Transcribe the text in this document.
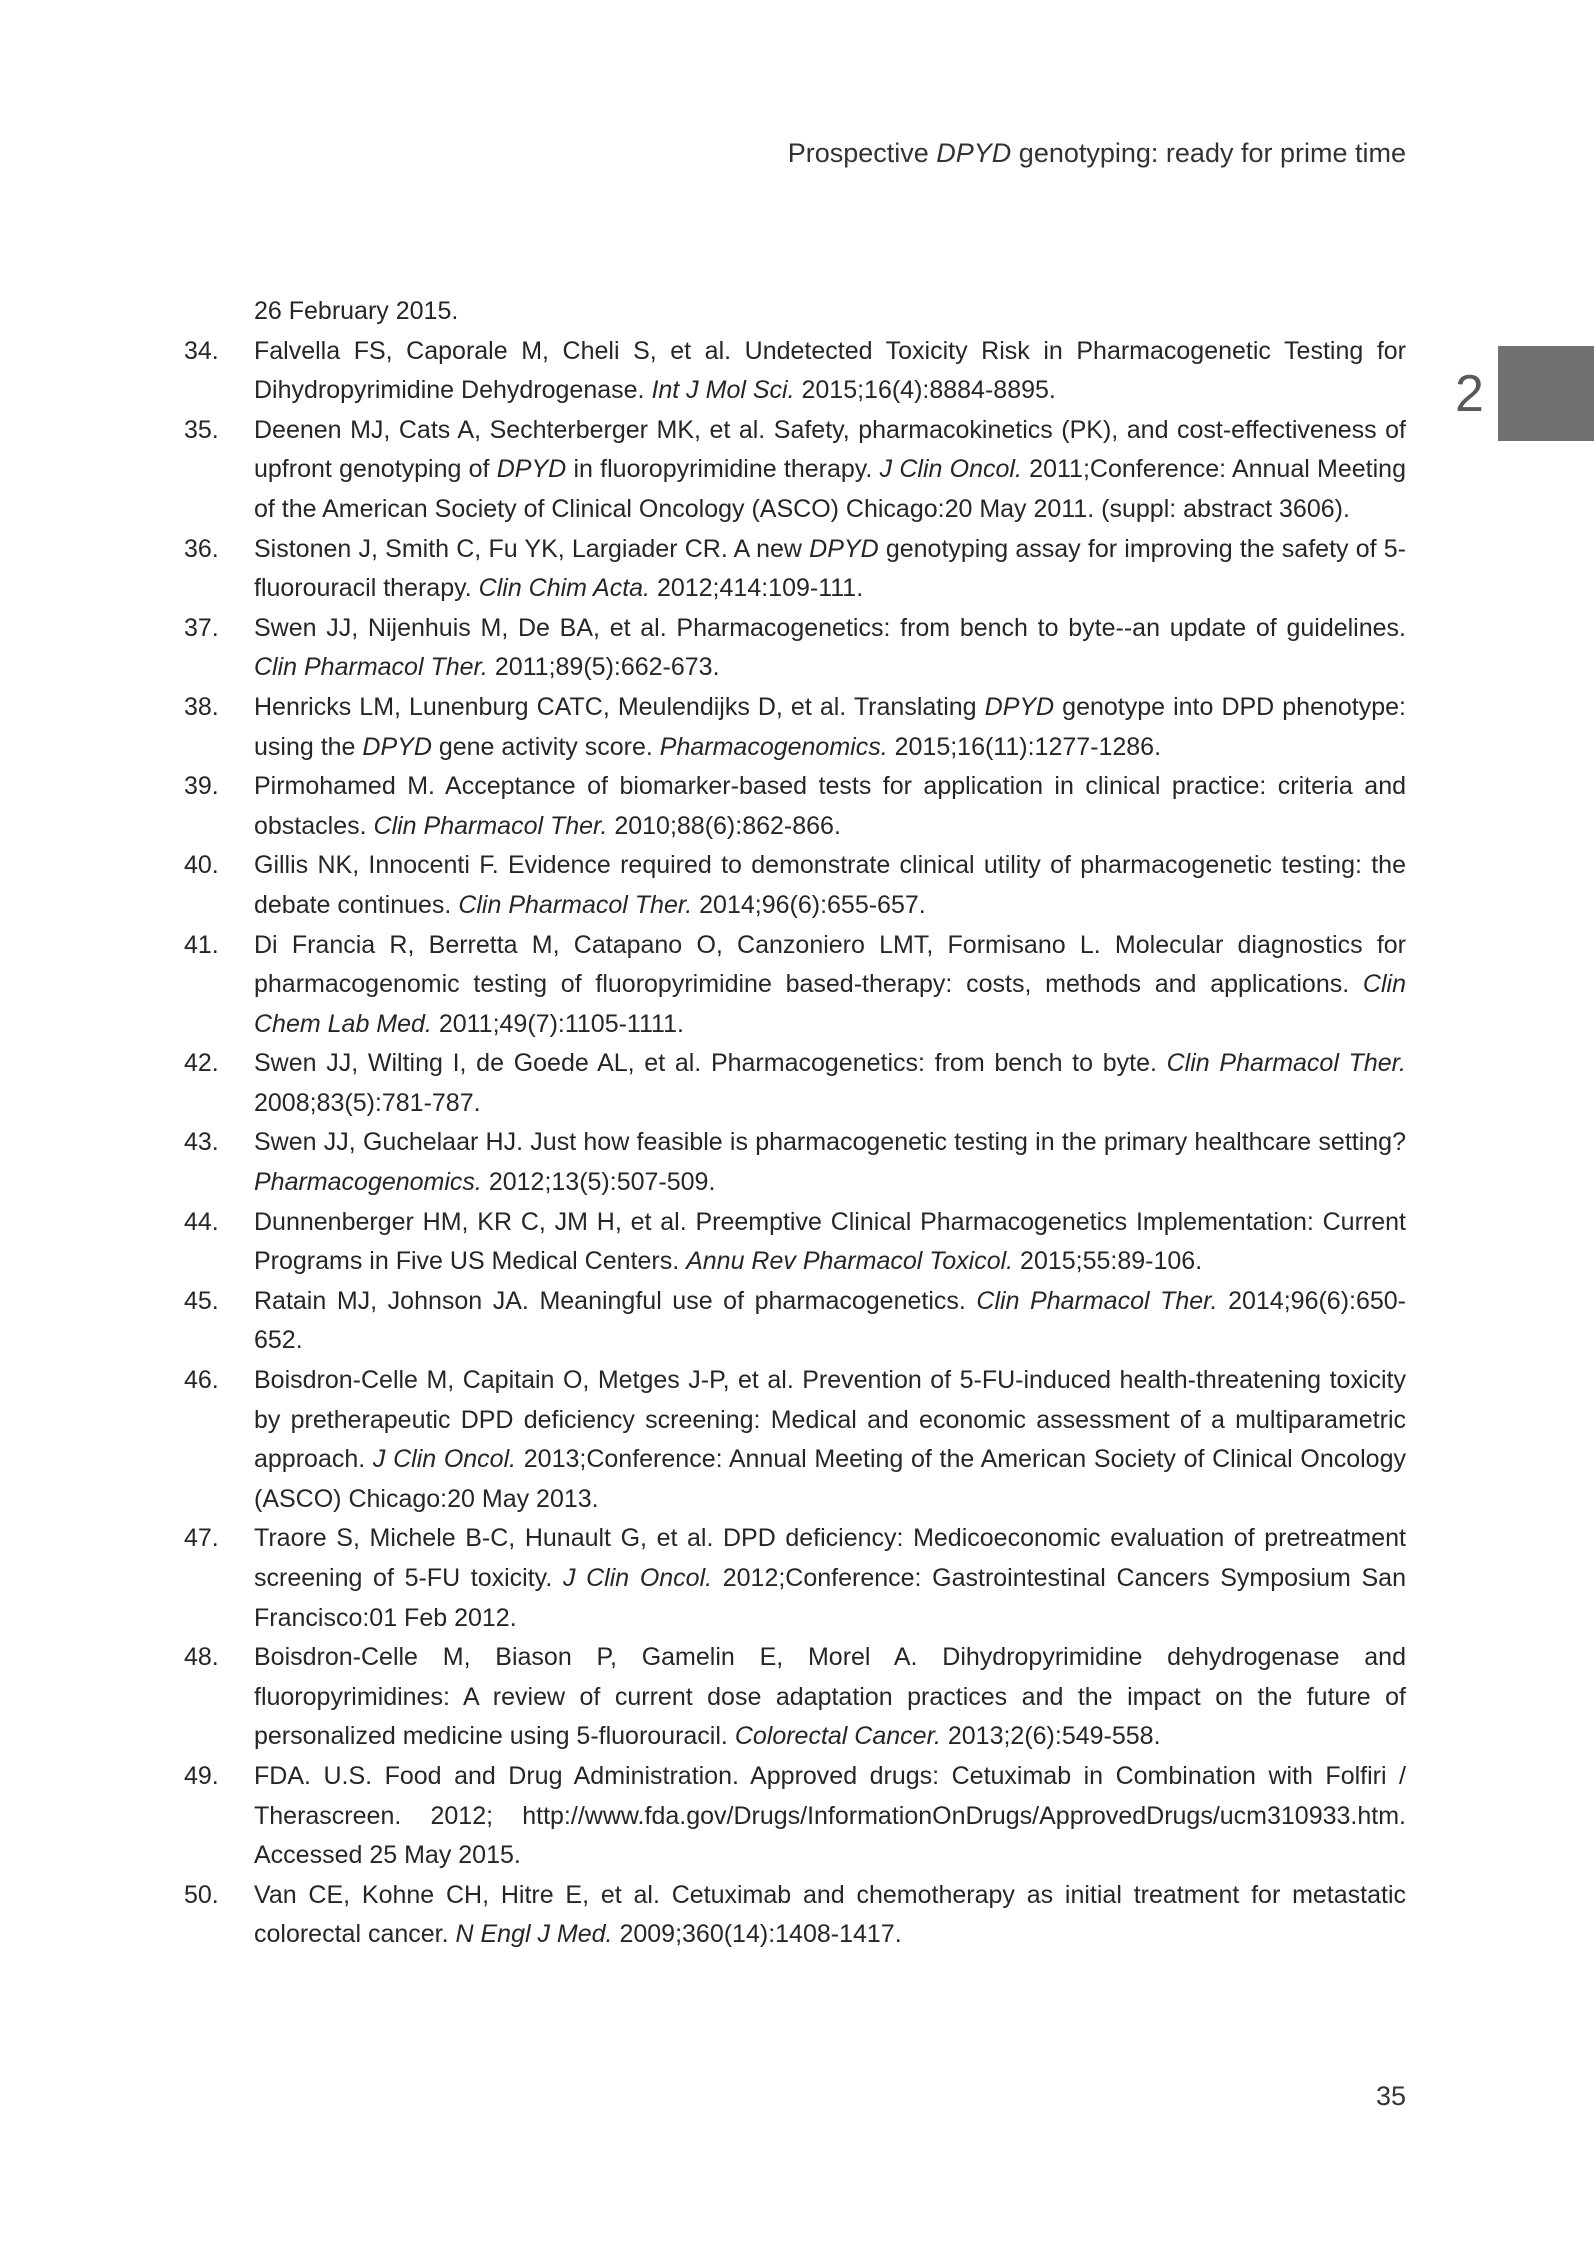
Prospective DPYD genotyping: ready for prime time
2
26 February 2015.
34.	Falvella FS, Caporale M, Cheli S, et al. Undetected Toxicity Risk in Pharmacogenetic Testing for Dihydropyrimidine Dehydrogenase. Int J Mol Sci. 2015;16(4):8884-8895.
35.	Deenen MJ, Cats A, Sechterberger MK, et al. Safety, pharmacokinetics (PK), and cost-effectiveness of upfront genotyping of DPYD in fluoropyrimidine therapy. J Clin Oncol. 2011;Conference: Annual Meeting of the American Society of Clinical Oncology (ASCO) Chicago:20 May 2011. (suppl: abstract 3606).
36.	Sistonen J, Smith C, Fu YK, Largiader CR. A new DPYD genotyping assay for improving the safety of 5-fluorouracil therapy. Clin Chim Acta. 2012;414:109-111.
37.	Swen JJ, Nijenhuis M, De BA, et al. Pharmacogenetics: from bench to byte--an update of guidelines. Clin Pharmacol Ther. 2011;89(5):662-673.
38.	Henricks LM, Lunenburg CATC, Meulendijks D, et al. Translating DPYD genotype into DPD phenotype: using the DPYD gene activity score. Pharmacogenomics. 2015;16(11):1277-1286.
39.	Pirmohamed M. Acceptance of biomarker-based tests for application in clinical practice: criteria and obstacles. Clin Pharmacol Ther. 2010;88(6):862-866.
40.	Gillis NK, Innocenti F. Evidence required to demonstrate clinical utility of pharmacogenetic testing: the debate continues. Clin Pharmacol Ther. 2014;96(6):655-657.
41.	Di Francia R, Berretta M, Catapano O, Canzoniero LMT, Formisano L. Molecular diagnostics for pharmacogenomic testing of fluoropyrimidine based-therapy: costs, methods and applications. Clin Chem Lab Med. 2011;49(7):1105-1111.
42.	Swen JJ, Wilting I, de Goede AL, et al. Pharmacogenetics: from bench to byte. Clin Pharmacol Ther. 2008;83(5):781-787.
43.	Swen JJ, Guchelaar HJ. Just how feasible is pharmacogenetic testing in the primary healthcare setting? Pharmacogenomics. 2012;13(5):507-509.
44.	Dunnenberger HM, KR C, JM H, et al. Preemptive Clinical Pharmacogenetics Implementation: Current Programs in Five US Medical Centers. Annu Rev Pharmacol Toxicol. 2015;55:89-106.
45.	Ratain MJ, Johnson JA. Meaningful use of pharmacogenetics. Clin Pharmacol Ther. 2014;96(6):650-652.
46.	Boisdron-Celle M, Capitain O, Metges J-P, et al. Prevention of 5-FU-induced health-threatening toxicity by pretherapeutic DPD deficiency screening: Medical and economic assessment of a multiparametric approach. J Clin Oncol. 2013;Conference: Annual Meeting of the American Society of Clinical Oncology (ASCO) Chicago:20 May 2013.
47.	Traore S, Michele B-C, Hunault G, et al. DPD deficiency: Medicoeconomic evaluation of pretreatment screening of 5-FU toxicity. J Clin Oncol. 2012;Conference: Gastrointestinal Cancers Symposium San Francisco:01 Feb 2012.
48.	Boisdron-Celle M, Biason P, Gamelin E, Morel A. Dihydropyrimidine dehydrogenase and fluoropyrimidines: A review of current dose adaptation practices and the impact on the future of personalized medicine using 5-fluorouracil. Colorectal Cancer. 2013;2(6):549-558.
49.	FDA. U.S. Food and Drug Administration. Approved drugs: Cetuximab in Combination with Folfiri / Therascreen. 2012; http://www.fda.gov/Drugs/InformationOnDrugs/ApprovedDrugs/ucm310933.htm. Accessed 25 May 2015.
50.	Van CE, Kohne CH, Hitre E, et al. Cetuximab and chemotherapy as initial treatment for metastatic colorectal cancer. N Engl J Med. 2009;360(14):1408-1417.
35
